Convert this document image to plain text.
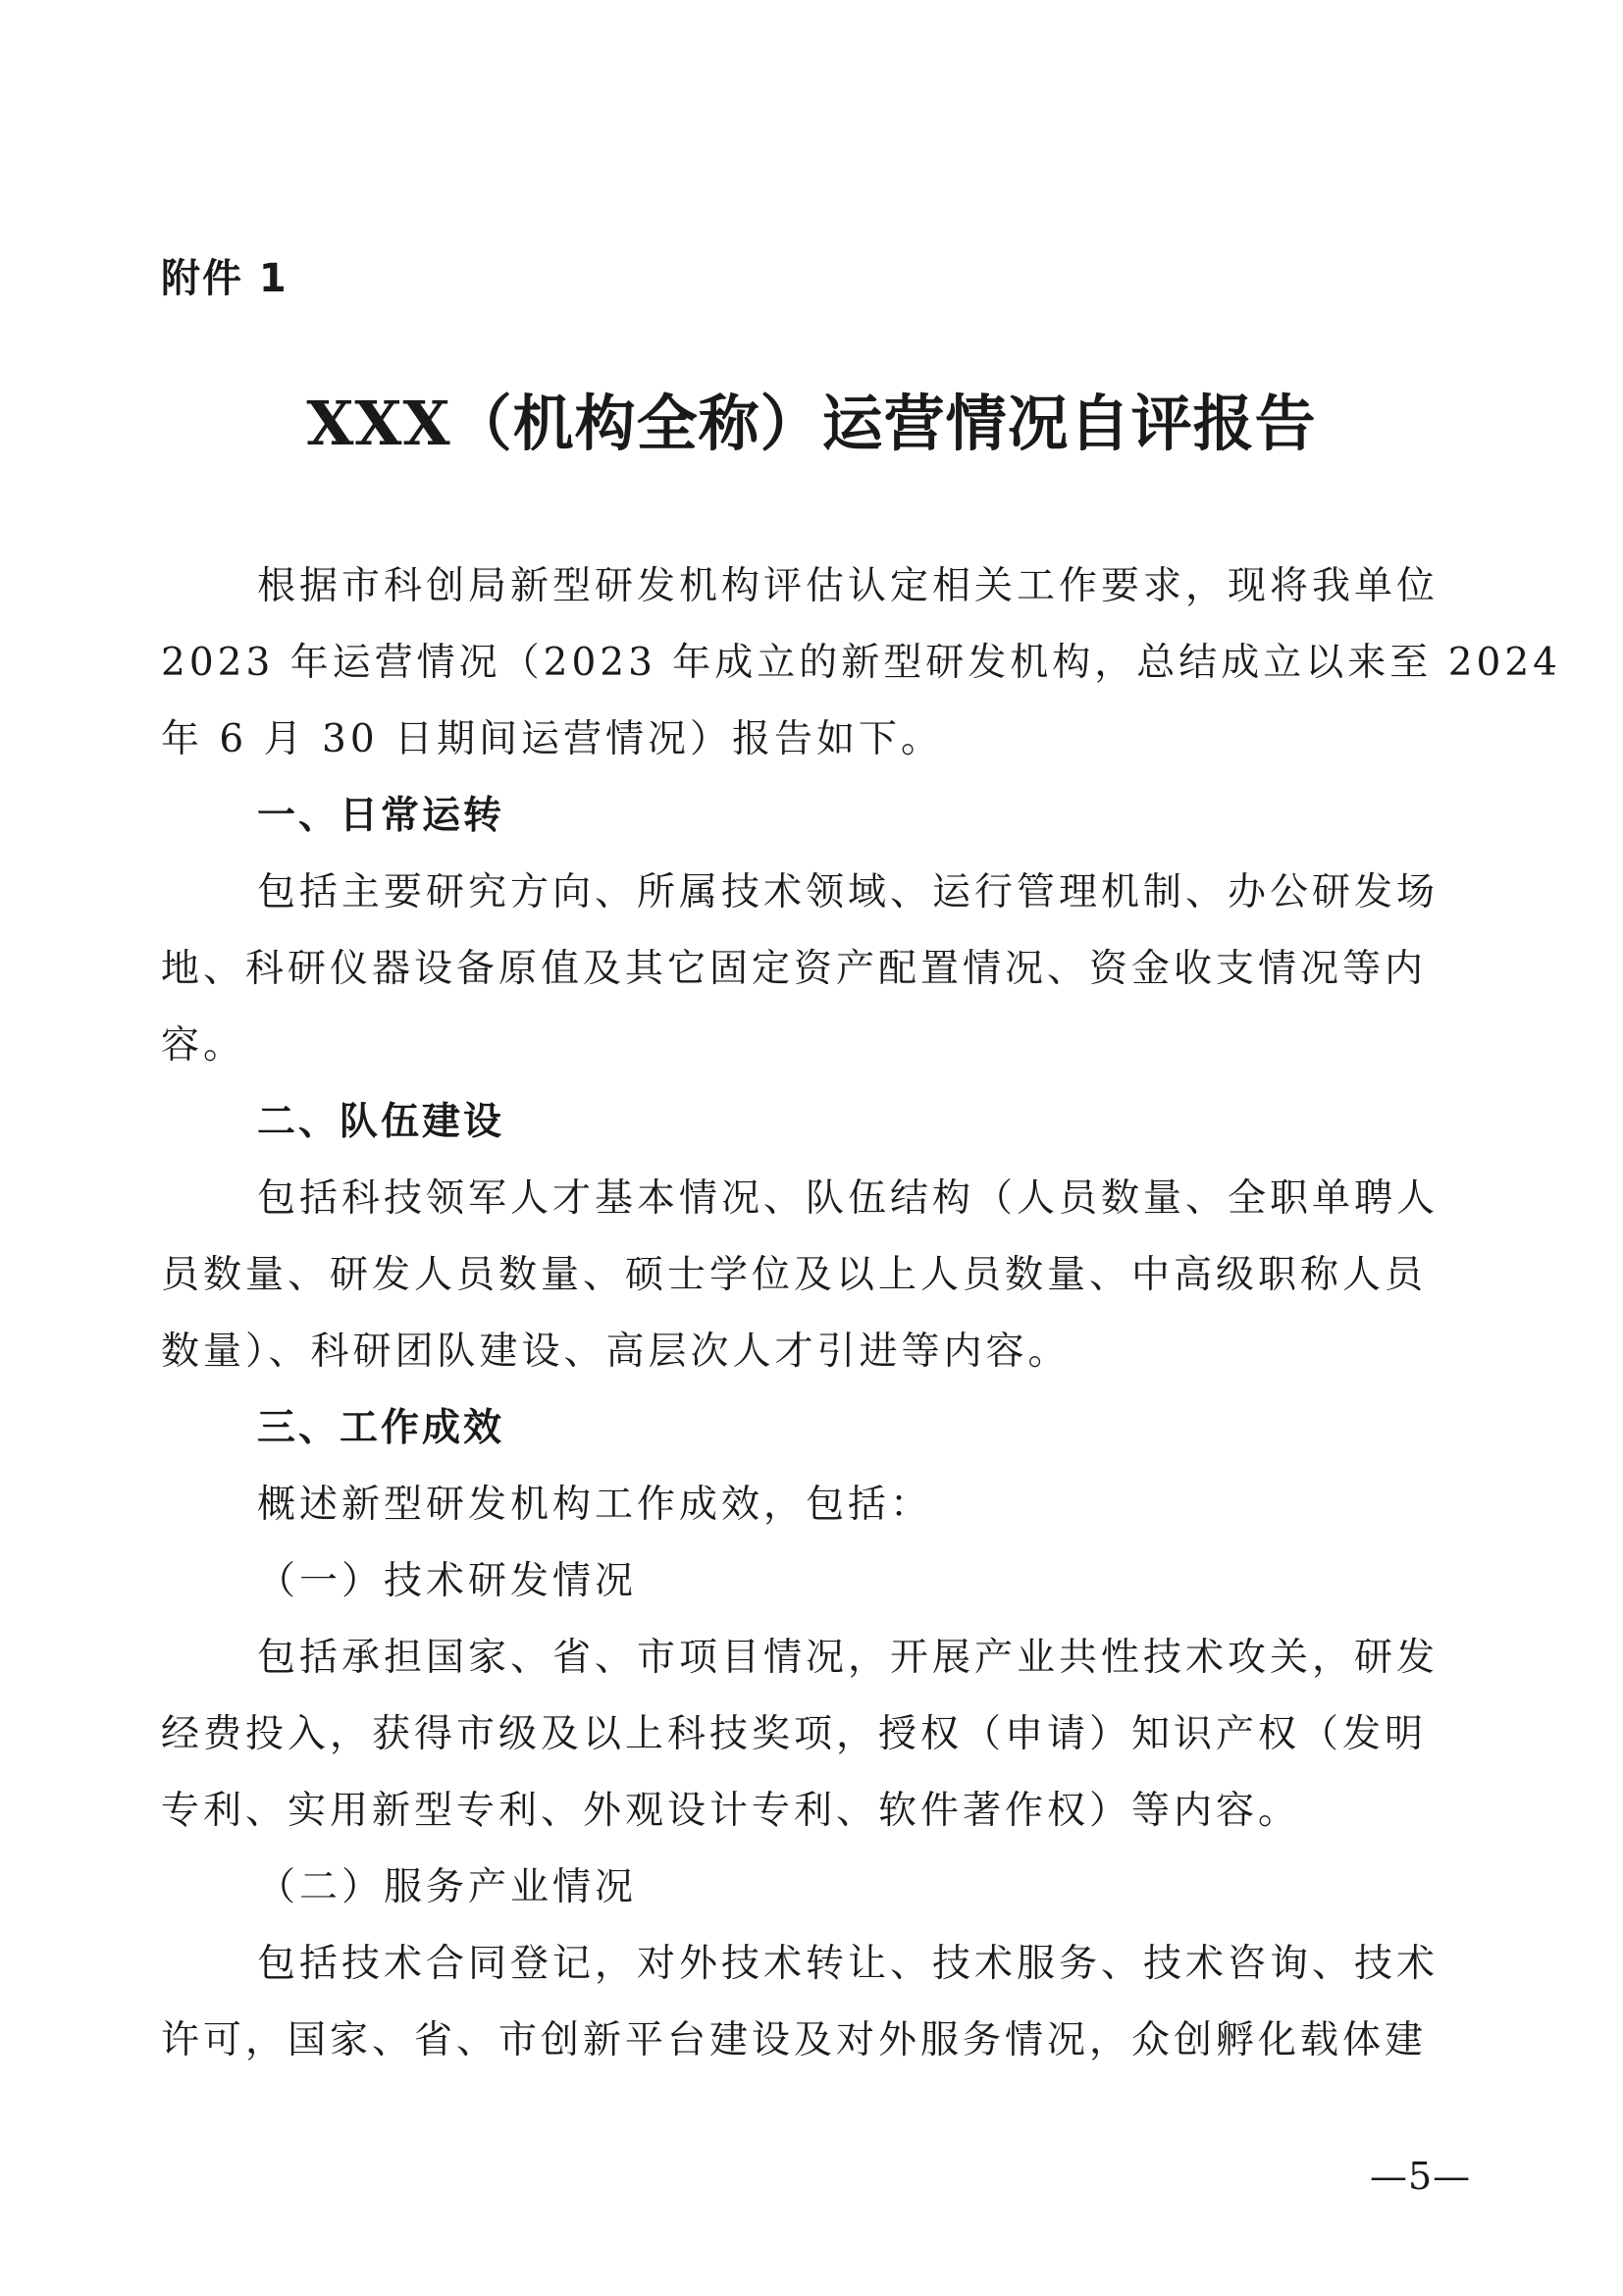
附件 1
XXX（机构全称）运营情况自评报告
根据市科创局新型研发机构评估认定相关工作要求，现将我单位
2023 年运营情况（2023 年成立的新型研发机构，总结成立以来至 2024
年 6 月 30 日期间运营情况）报告如下。
一、日常运转
包括主要研究方向、所属技术领域、运行管理机制、办公研发场
地、科研仪器设备原值及其它固定资产配置情况、资金收支情况等内
容。
二、队伍建设
包括科技领军人才基本情况、队伍结构（人员数量、全职单聘人
员数量、研发人员数量、硕士学位及以上人员数量、中高级职称人员
数量）、科研团队建设、高层次人才引进等内容。
三、工作成效
概述新型研发机构工作成效，包括：
（一）技术研发情况
包括承担国家、省、市项目情况，开展产业共性技术攻关，研发
经费投入，获得市级及以上科技奖项，授权（申请）知识产权（发明
专利、实用新型专利、外观设计专利、软件著作权）等内容。
（二）服务产业情况
包括技术合同登记，对外技术转让、技术服务、技术咨询、技术
许可，国家、省、市创新平台建设及对外服务情况，众创孵化载体建
—5—
